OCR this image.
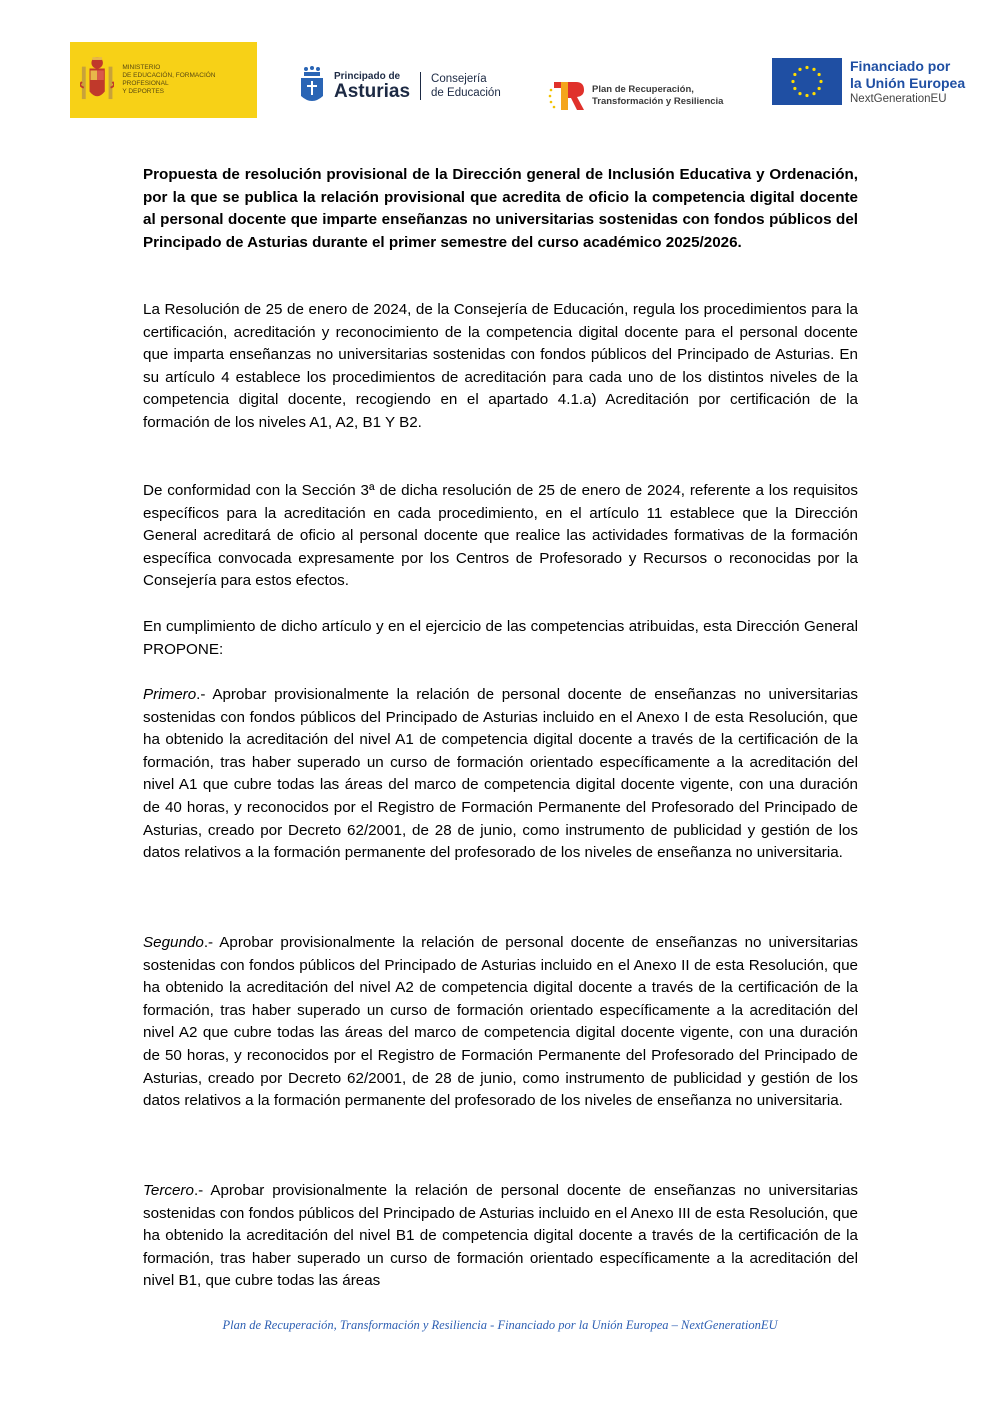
MINISTERIO
DE EDUCACIÓN, FORMACIÓN PROFESIONAL
Y DEPORTES
Principado de
Asturias
Consejería
de Educación	Plan de Recuperación,
Transformación y Resiliencia
Financiado por
la Unión Europea
NextGenerationEU
Propuesta de resolución provisional de la Dirección general de Inclusión Educativa y Ordenación, por la que se publica la relación provisional que acredita de oficio la competencia digital docente al personal docente que imparte enseñanzas no universitarias sostenidas con fondos públicos del Principado de Asturias durante el primer semestre del curso académico 2025/2026.
La Resolución de 25 de enero de 2024, de la Consejería de Educación, regula los procedimientos para la certificación, acreditación y reconocimiento de la competencia digital docente para el personal docente que imparta enseñanzas no universitarias sostenidas con fondos públicos del Principado de Asturias. En su artículo 4 establece los procedimientos de acreditación para cada uno de los distintos niveles de la competencia digital docente, recogiendo en el apartado 4.1.a) Acreditación por certificación de la formación de los niveles A1, A2, B1 Y B2.
De conformidad con la Sección 3ª de dicha resolución de 25 de enero de 2024, referente a los requisitos específicos para la acreditación en cada procedimiento, en el artículo 11 establece que la Dirección General acreditará de oficio al personal docente que realice las actividades formativas de la formación específica convocada expresamente por los Centros de Profesorado y Recursos o reconocidas por la Consejería para estos efectos.
En cumplimiento de dicho artículo y en el ejercicio de las competencias atribuidas, esta Dirección General PROPONE:
Primero.- Aprobar provisionalmente la relación de personal docente de enseñanzas no universitarias sostenidas con fondos públicos del Principado de Asturias incluido en el Anexo I de esta Resolución, que ha obtenido la acreditación del nivel A1 de competencia digital docente a través de la certificación de la formación, tras haber superado un curso de formación orientado específicamente a la acreditación del nivel A1 que cubre todas las áreas del marco de competencia digital docente vigente, con una duración de 40 horas, y reconocidos por el Registro de Formación Permanente del Profesorado del Principado de Asturias, creado por Decreto 62/2001, de 28 de junio, como instrumento de publicidad y gestión de los datos relativos a la formación permanente del profesorado de los niveles de enseñanza no universitaria.
Segundo.- Aprobar provisionalmente la relación de personal docente de enseñanzas no universitarias sostenidas con fondos públicos del Principado de Asturias incluido en el Anexo II de esta Resolución, que ha obtenido la acreditación del nivel A2 de competencia digital docente a través de la certificación de la formación, tras haber superado un curso de formación orientado específicamente a la acreditación del nivel A2 que cubre todas las áreas del marco de competencia digital docente vigente, con una duración de 50 horas, y reconocidos por el Registro de Formación Permanente del Profesorado del Principado de Asturias, creado por Decreto 62/2001, de 28 de junio, como instrumento de publicidad y gestión de los datos relativos a la formación permanente del profesorado de los niveles de enseñanza no universitaria.
Tercero.- Aprobar provisionalmente la relación de personal docente de enseñanzas no universitarias sostenidas con fondos públicos del Principado de Asturias incluido en el Anexo III de esta Resolución, que ha obtenido la acreditación del nivel B1 de competencia digital docente a través de la certificación de la formación, tras haber superado un curso de formación orientado específicamente a la acreditación del nivel B1, que cubre todas las áreas
Plan de Recuperación, Transformación y Resiliencia - Financiado por la Unión Europea – NextGenerationEU
